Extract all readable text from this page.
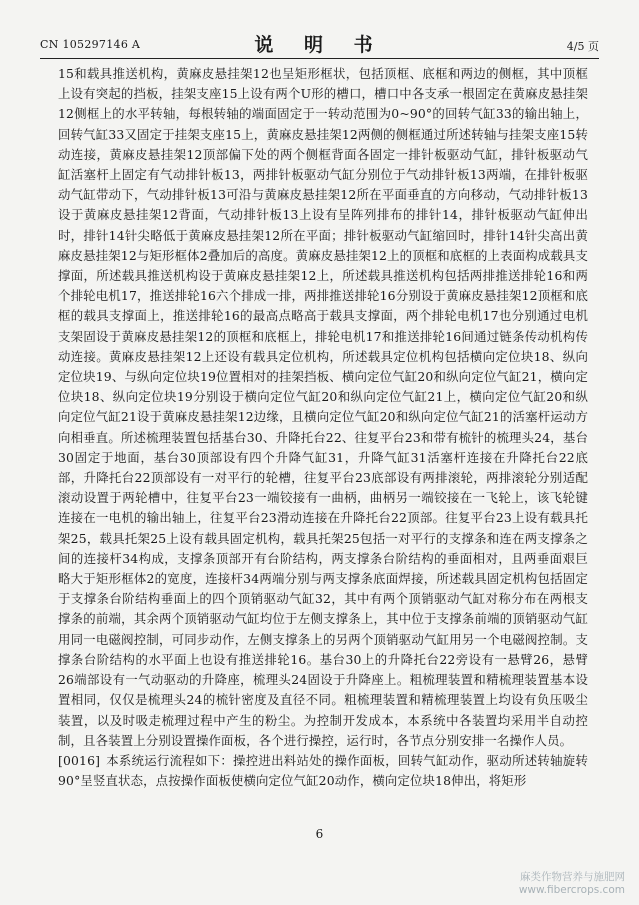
CN 105297146 A	说 明 书	4/5 页

15和载具推送机构，黄麻皮悬挂架12也呈矩形框状，包括顶框、底框和两边的侧框，其中顶框上设有突起的挡板，挂架支座15上设有两个U形的槽口，槽口中各支承一根固定在黄麻皮悬挂架12侧框上的水平转轴，每根转轴的端面固定于一转动范围为0~90°的回转气缸33的输出轴上，回转气缸33又固定于挂架支座15上，黄麻皮悬挂架12两侧的侧框通过所述转轴与挂架支座15转动连接，黄麻皮悬挂架12顶部偏下处的两个侧框背面各固定一排针板驱动气缸，排针板驱动气缸活塞杆上固定有气动排针板13，两排针板驱动气缸分别位于气动排针板13两端，在排针板驱动气缸带动下，气动排针板13可沿与黄麻皮悬挂架12所在平面垂直的方向移动，气动排针板13设于黄麻皮悬挂架12背面，气动排针板13上设有呈阵列排布的排针14，排针板驱动气缸伸出时，排针14针尖略低于黄麻皮悬挂架12所在平面；排针板驱动气缸缩回时，排针14针尖高出黄麻皮悬挂架12与矩形框体2叠加后的高度。黄麻皮悬挂架12上的顶框和底框的上表面构成载具支撑面，所述载具推送机构设于黄麻皮悬挂架12上，所述载具推送机构包括两排推送排轮16和两个排轮电机17，推送排轮16六个排成一排，两排推送排轮16分别设于黄麻皮悬挂架12顶框和底框的载具支撑面上，推送排轮16的最高点略高于载具支撑面，两个排轮电机17也分别通过电机支架固设于黄麻皮悬挂架12的顶框和底框上，排轮电机17和推送排轮16间通过链条传动机构传动连接。黄麻皮悬挂架12上还设有载具定位机构，所述载具定位机构包括横向定位块18、纵向定位块19、与纵向定位块19位置相对的挂架挡板、横向定位气缸20和纵向定位气缸21，横向定位块18、纵向定位块19分别设于横向定位气缸20和纵向定位气缸21上，横向定位气缸20和纵向定位气缸21设于黄麻皮悬挂架12边缘，且横向定位气缸20和纵向定位气缸21的活塞杆运动方向相垂直。所述梳理装置包括基台30、升降托台22、往复平台23和带有梳针的梳理头24，基台30固定于地面，基台30顶部设有四个升降气缸31，升降气缸31活塞杆连接在升降托台22底部，升降托台22顶部设有一对平行的轮槽，往复平台23底部设有两排滚轮，两排滚轮分别适配滚动设置于两轮槽中，往复平台23一端铰接有一曲柄，曲柄另一端铰接在一飞轮上，该飞轮键连接在一电机的输出轴上，往复平台23滑动连接在升降托台22顶部。往复平台23上设有载具托架25，载具托架25上设有载具固定机构，载具托架25包括一对平行的支撑条和连在两支撑条之间的连接杆34构成，支撑条顶部开有台阶结构，两支撑条台阶结构的垂面相对，且两垂面艰巨略大于矩形框体2的宽度，连接杆34两端分别与两支撑条底面焊接，所述载具固定机构包括固定于支撑条台阶结构垂面上的四个顶销驱动气缸32，其中有两个顶销驱动气缸对称分布在两根支撑条的前端，其余两个顶销驱动气缸均位于左侧支撑条上，其中位于支撑条前端的顶销驱动气缸用同一电磁阀控制，可同步动作，左侧支撑条上的另两个顶销驱动气缸用另一个电磁阀控制。支撑条台阶结构的水平面上也设有推送排轮16。基台30上的升降托台22旁设有一悬臂26，悬臂26端部设有一气动驱动的升降座，梳理头24固设于升降座上。粗梳理装置和精梳理装置基本设置相同，仅仅是梳理头24的梳针密度及直径不同。粗梳理装置和精梳理装置上均设有负压吸尘装置，以及时吸走梳理过程中产生的粉尘。为控制开发成本，本系统中各装置均采用半自动控制，且各装置上分别设置操作面板，各个进行操控，运行时，各节点分别安排一名操作人员。

[0016] 本系统运行流程如下：操控进出料站处的操作面板，回转气缸动作，驱动所述转轴旋转90°呈竖直状态，点按操作面板使横向定位气缸20动作，横向定位块18伸出，将矩形

6
麻类作物营养与施肥网
www.fibercrops.com
